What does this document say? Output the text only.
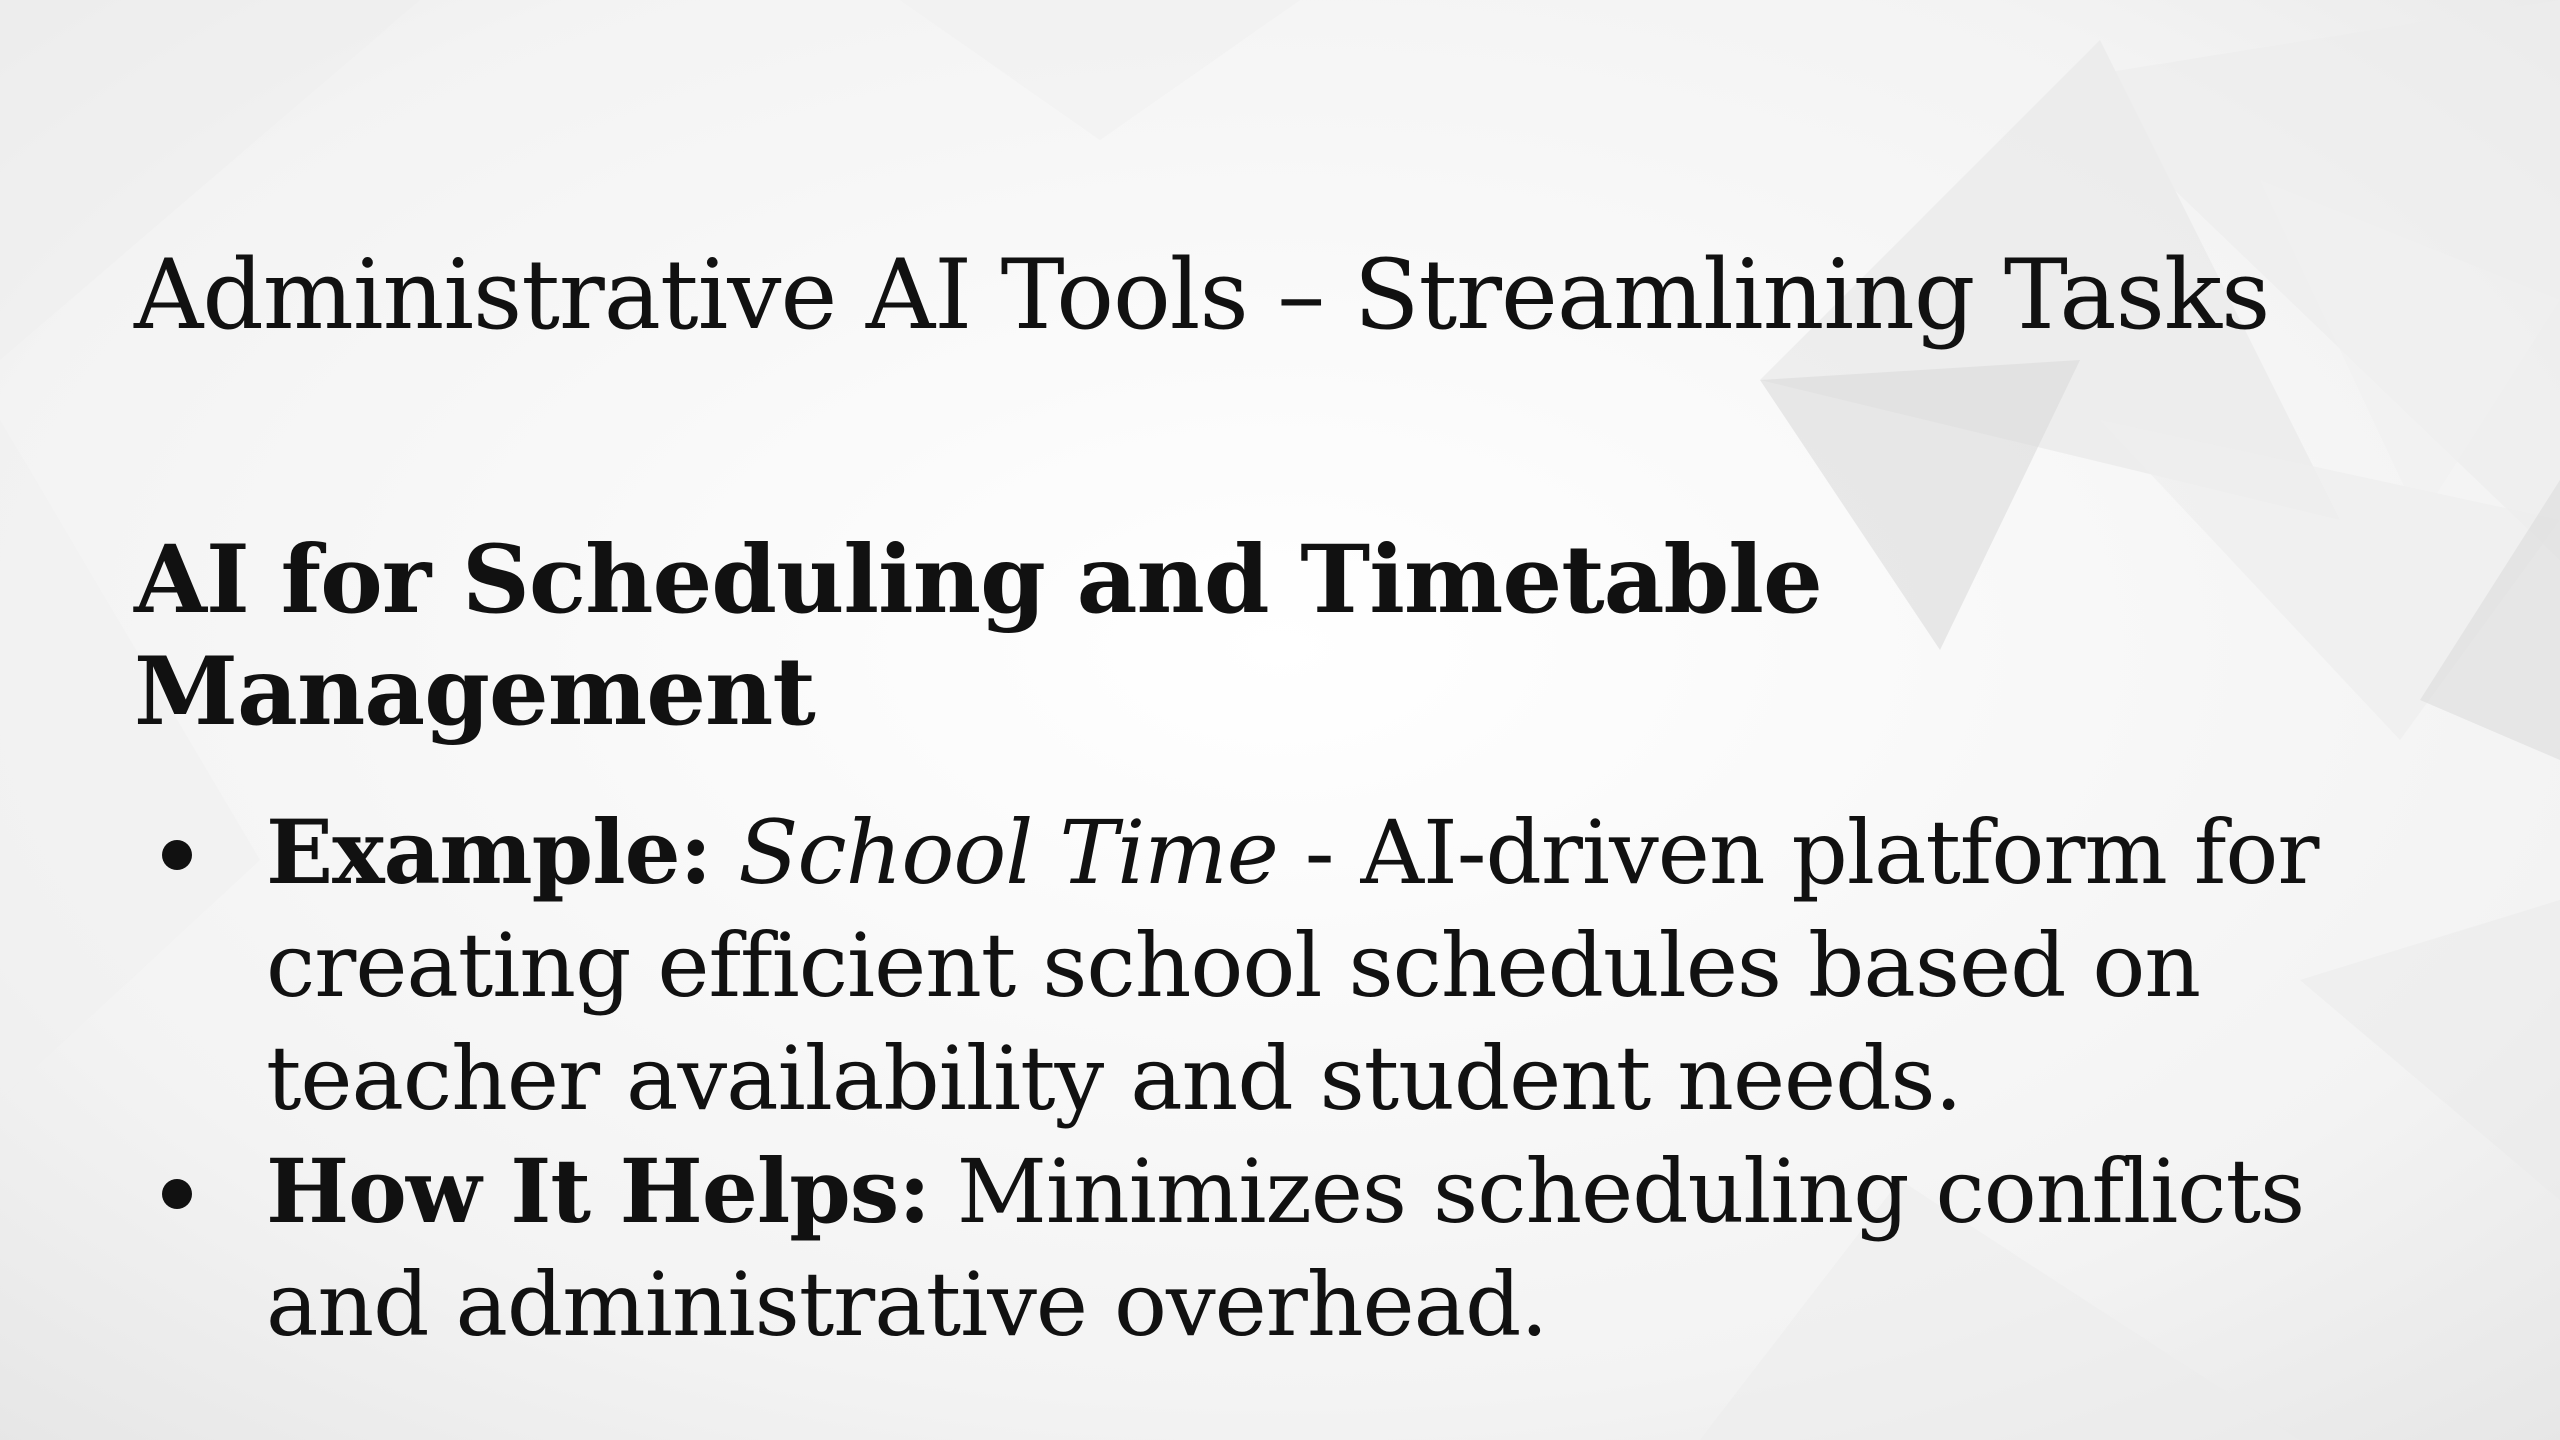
Administrative AI Tools – Streamlining Tasks
AI for Scheduling and Timetable Management
Example: School Time - AI-driven platform for creating efficient school schedules based on teacher availability and student needs.
How It Helps: Minimizes scheduling conflicts and administrative overhead.
